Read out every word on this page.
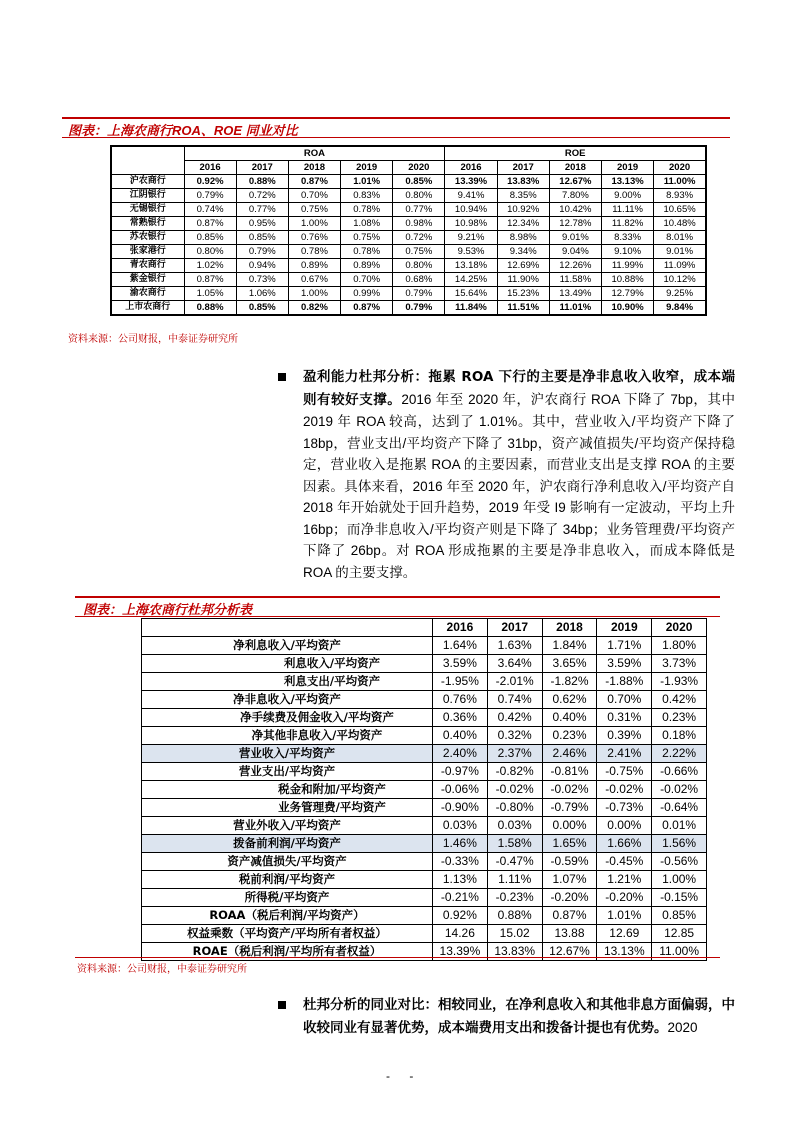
图表：上海农商行ROA、ROE 同业对比
	ROA					ROE				
	2016	2017	2018	2019	2020	2016	2017	2018	2019	2020
沪农商行	0.92%	0.88%	0.87%	1.01%	0.85%	13.39%	13.83%	12.67%	13.13%	11.00%
江阴银行	0.79%	0.72%	0.70%	0.83%	0.80%	9.41%	8.35%	7.80%	9.00%	8.93%
无锡银行	0.74%	0.77%	0.75%	0.78%	0.77%	10.94%	10.92%	10.42%	11.11%	10.65%
常熟银行	0.87%	0.95%	1.00%	1.08%	0.98%	10.98%	12.34%	12.78%	11.82%	10.48%
苏农银行	0.85%	0.85%	0.76%	0.75%	0.72%	9.21%	8.98%	9.01%	8.33%	8.01%
张家港行	0.80%	0.79%	0.78%	0.78%	0.75%	9.53%	9.34%	9.04%	9.10%	9.01%
青农商行	1.02%	0.94%	0.89%	0.89%	0.80%	13.18%	12.69%	12.26%	11.99%	11.09%
紫金银行	0.87%	0.73%	0.67%	0.70%	0.68%	14.25%	11.90%	11.58%	10.88%	10.12%
渝农商行	1.05%	1.06%	1.00%	0.99%	0.79%	15.64%	15.23%	13.49%	12.79%	9.25%
上市农商行	0.88%	0.85%	0.82%	0.87%	0.79%	11.84%	11.51%	11.01%	10.90%	9.84%
资料来源：公司财报，中泰证券研究所
盈利能力杜邦分析：拖累 ROA 下行的主要是净非息收入收窄，成本端则有较好支撑。2016 年至 2020 年，沪农商行 ROA 下降了 7bp，其中 2019 年 ROA 较高，达到了 1.01%。其中，营业收入/平均资产下降了 18bp，营业支出/平均资产下降了 31bp，资产减值损失/平均资产保持稳定，营业收入是拖累 ROA 的主要因素，而营业支出是支撑 ROA 的主要因素。具体来看，2016 年至 2020 年，沪农商行净利息收入/平均资产自 2018 年开始就处于回升趋势，2019 年受 I9 影响有一定波动，平均上升 16bp；而净非息收入/平均资产则是下降了 34bp；业务管理费/平均资产下降了 26bp。对 ROA 形成拖累的主要是净非息收入，而成本降低是 ROA 的主要支撑。
图表：上海农商行杜邦分析表
	2016	2017	2018	2019	2020
净利息收入/平均资产	1.64%	1.63%	1.84%	1.71%	1.80%
利息收入/平均资产	3.59%	3.64%	3.65%	3.59%	3.73%
利息支出/平均资产	-1.95%	-2.01%	-1.82%	-1.88%	-1.93%
净非息收入/平均资产	0.76%	0.74%	0.62%	0.70%	0.42%
净手续费及佣金收入/平均资产	0.36%	0.42%	0.40%	0.31%	0.23%
净其他非息收入/平均资产	0.40%	0.32%	0.23%	0.39%	0.18%
营业收入/平均资产	2.40%	2.37%	2.46%	2.41%	2.22%
营业支出/平均资产	-0.97%	-0.82%	-0.81%	-0.75%	-0.66%
税金和附加/平均资产	-0.06%	-0.02%	-0.02%	-0.02%	-0.02%
业务管理费/平均资产	-0.90%	-0.80%	-0.79%	-0.73%	-0.64%
营业外收入/平均资产	0.03%	0.03%	0.00%	0.00%	0.01%
拨备前利润/平均资产	1.46%	1.58%	1.65%	1.66%	1.56%
资产减值损失/平均资产	-0.33%	-0.47%	-0.59%	-0.45%	-0.56%
税前利润/平均资产	1.13%	1.11%	1.07%	1.21%	1.00%
所得税/平均资产	-0.21%	-0.23%	-0.20%	-0.20%	-0.15%
ROAA（税后利润/平均资产）	0.92%	0.88%	0.87%	1.01%	0.85%
权益乘数（平均资产/平均所有者权益）	14.26	15.02	13.88	12.69	12.85
ROAE（税后利润/平均所有者权益）	13.39%	13.83%	12.67%	13.13%	11.00%
资料来源：公司财报，中泰证券研究所
杜邦分析的同业对比：相较同业，在净利息收入和其他非息方面偏弱，中收较同业有显著优势，成本端费用支出和拨备计提也有优势。2020
- -
